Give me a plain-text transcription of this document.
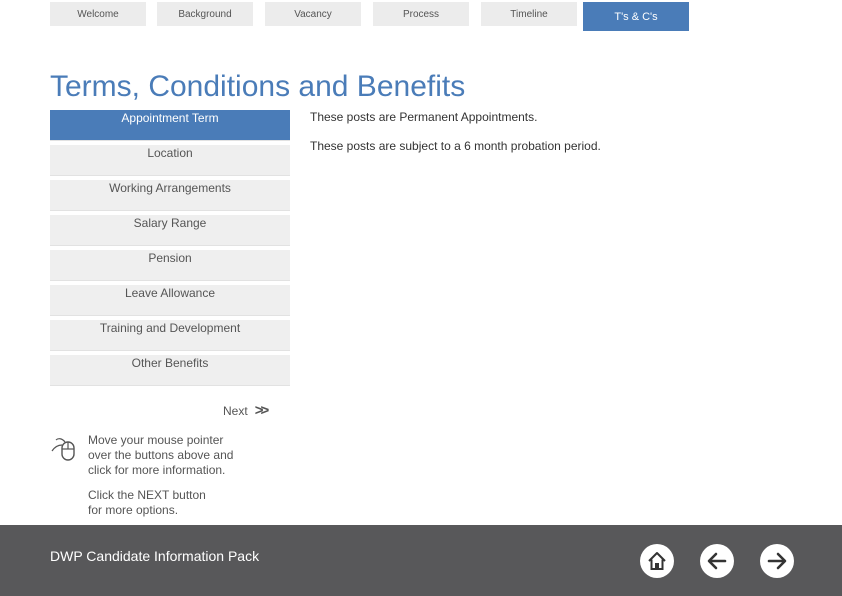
Welcome	Background	Vacancy	Process	Timeline	T's & C's
Terms, Conditions and Benefits
Appointment Term
Location
Working Arrangements
Salary Range
Pension
Leave Allowance
Training and Development
Other Benefits
These posts are Permanent Appointments.
These posts are subject to a 6 month probation period.
Next >>
Move your mouse pointer
over the buttons above and
click for more information.
Click the NEXT button
for more options.
DWP Candidate Information Pack
